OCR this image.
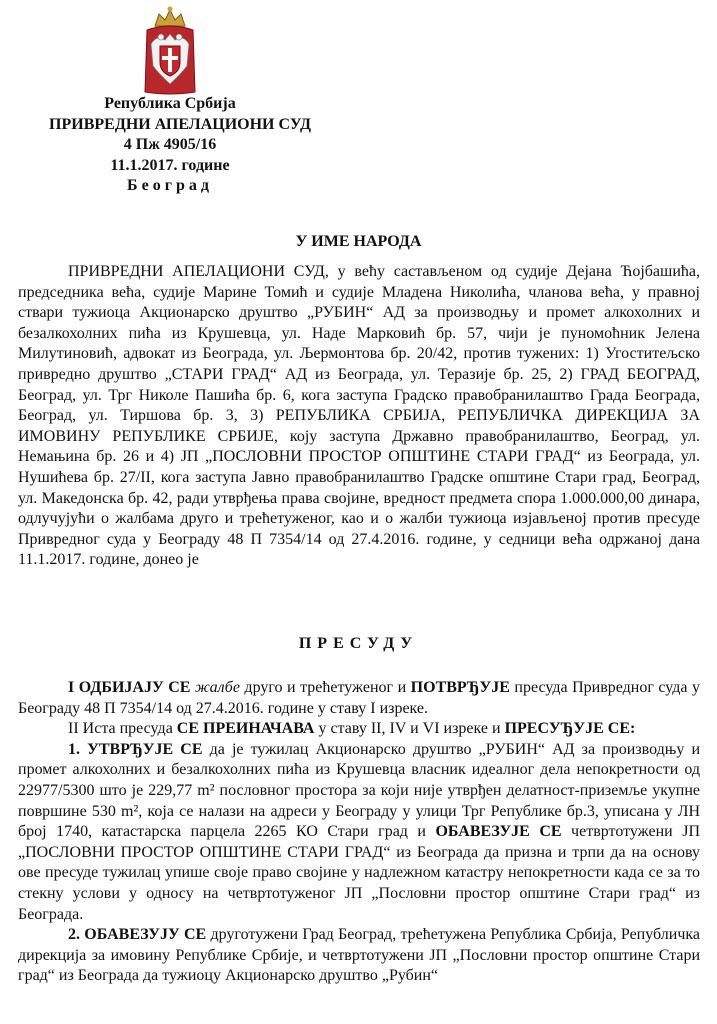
Република Србија
ПРИВРЕДНИ АПЕЛАЦИОНИ СУД
4 Пж 4905/16
11.1.2017. године
Београд
У ИМЕ НАРОДА

ПРИВРЕДНИ АПЕЛАЦИОНИ СУД, у већу састављеном од судије Дејана Ћојбашића, председника већа, судије Марине Томић и судије Младена Николића, чланова већа, у правној ствари тужиоца Акционарско друштво „РУБИН“ АД за производњу и промет алкохолних и безалкохолних пића из Крушевца, ул. Наде Марковић бр. 57, чији је пуномоћник Јелена Милутиновић, адвокат из Београда, ул. Љермонтова бр. 20/42, против тужених: 1) Угоститељско привредно друштво „СТАРИ ГРАД“ АД из Београда, ул. Теразије бр. 25, 2) ГРАД БЕОГРАД, Београд, ул. Трг Николе Пашића бр. 6, кога заступа Градско правобранилаштво Града Београда, Београд, ул. Тиршова бр. 3, 3) РЕПУБЛИКА СРБИЈА, РЕПУБЛИЧКА ДИРЕКЦИЈА ЗА ИМОВИНУ РЕПУБЛИКЕ СРБИЈЕ, коју заступа Државно правобранилаштво, Београд, ул. Немањина бр. 26 и 4) ЈП „ПОСЛОВНИ ПРОСТОР ОПШТИНЕ СТАРИ ГРАД“ из Београда, ул. Нушићева бр. 27/II, кога заступа Јавно правобранилаштво Градске општине Стари град, Београд, ул. Македонска бр. 42, ради утврђења права својине, вредност предмета спора 1.000.000,00 динара, одлучујући о жалбама друго и трећетуженог, као и о жалби тужиоца изјављеној против пресуде Привредног суда у Београду 48 П 7354/14 од 27.4.2016. године, у седници већа одржаној дана 11.1.2017. године, донео је

ПРЕСУДУ

I ОДБИЈАЈУ СЕ жалбе друго и трећетуженог и ПОТВРЂУЈЕ пресуда Привредног суда у Београду 48 П 7354/14 од 27.4.2016. године у ставу I изреке.

II Иста пресуда СЕ ПРЕИНАЧАВА у ставу II, IV и VI изреке и ПРЕСУЂУЈЕ СЕ:

1. УТВРЂУЈЕ СЕ да је тужилац Акционарско друштво „РУБИН“ АД за производњу и промет алкохолних и безалкохолних пића из Крушевца власник идеалног дела непокретности од 22977/5300 што је 229,77 m² пословног простора за који није утврђен делатност-приземље укупне површине 530 m², која се налази на адреси у Београду у улици Трг Републике бр.3, уписана у ЛН број 1740, катастарска парцела 2265 КО Стари град и ОБАВЕЗУЈЕ СЕ четвртотужени ЈП „ПОСЛОВНИ ПРОСТОР ОПШТИНЕ СТАРИ ГРАД“ из Београда да призна и трпи да на основу ове пресуде тужилац упише своје право својине у надлежном катастру непокретности када се за то стекну услови у односу на четвртотуженог ЈП „Пословни простор општине Стари град“ из Београда.

2. ОБАВЕЗУЈУ СЕ друготужени Град Београд, трећетужена Република Србија, Републичка дирекција за имовину Републике Србије, и четвртотужени ЈП „Пословни простор општине Стари град“ из Београда да тужиоцу Акционарско друштво „Рубин“
